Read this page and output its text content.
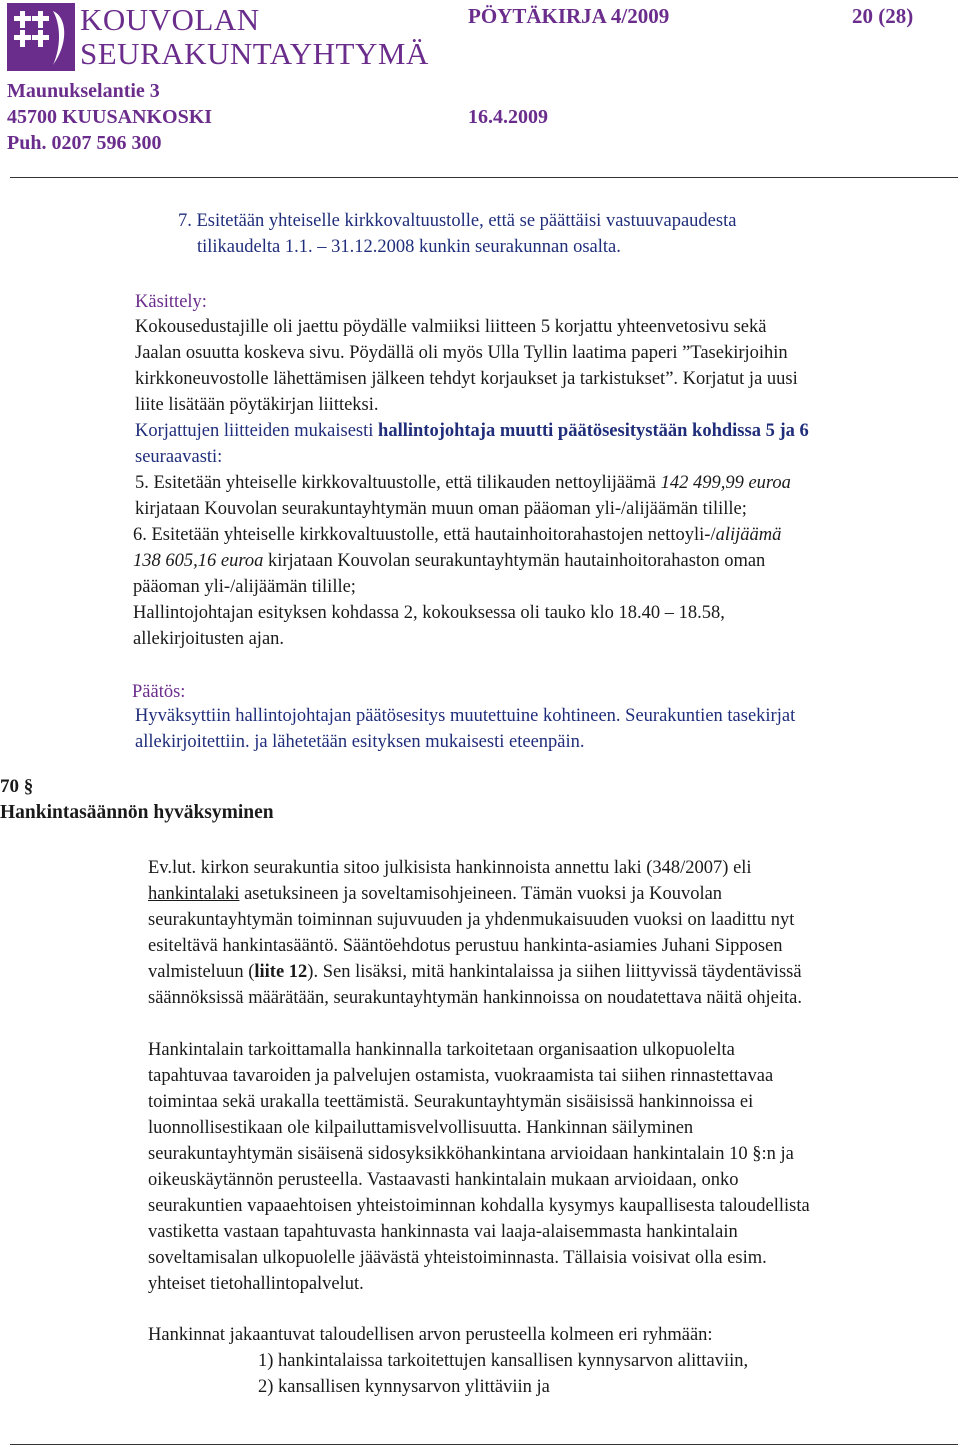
KOUVOLAN
SEURAKUNTAYHTYMÄ
PÖYTÄKIRJA 4/2009	20 (28)
Maunukselantie 3
45700 KUUSANKOSKI	16.4.2009
Puh. 0207 596 300
7. Esitetään yhteiselle kirkkovaltuustolle, että se päättäisi vastuuvapaudesta
tilikaudelta 1.1. – 31.12.2008 kunkin seurakunnan osalta.
Käsittely:
Kokousedustajille oli jaettu pöydälle valmiiksi liitteen 5 korjattu yhteenvetosivu sekä
Jaalan osuutta koskeva sivu. Pöydällä oli myös Ulla Tyllin laatima paperi ”Tasekirjoihin
kirkkoneuvostolle lähettämisen jälkeen tehdyt korjaukset ja tarkistukset”. Korjatut ja uusi
liite lisätään pöytäkirjan liitteksi.
Korjattujen liitteiden mukaisesti hallintojohtaja muutti päätösesitystään kohdissa 5 ja 6
seuraavasti:
5. Esitetään yhteiselle kirkkovaltuustolle, että tilikauden nettoylijäämä 142 499,99 euroa
kirjataan Kouvolan seurakuntayhtymän muun oman pääoman yli-/alijäämän tilille;
6. Esitetään yhteiselle kirkkovaltuustolle, että hautainhoitorahastojen nettoyli-/alijäämä
138 605,16 euroa kirjataan Kouvolan seurakuntayhtymän hautainhoitorahaston oman
pääoman yli-/alijäämän tilille;
Hallintojohtajan esityksen kohdassa 2, kokouksessa oli tauko klo 18.40 – 18.58,
allekirjoitusten ajan.
Päätös:
Hyväksyttiin hallintojohtajan päätösesitys muutettuine kohtineen. Seurakuntien tasekirjat
allekirjoitettiin. ja lähetetään esityksen mukaisesti eteenpäin.
70 §
Hankintasäännön hyväksyminen
Ev.lut. kirkon seurakuntia sitoo julkisista hankinnoista annettu laki (348/2007) eli
hankintalaki asetuksineen ja soveltamisohjeineen. Tämän vuoksi ja Kouvolan
seurakuntayhtymän toiminnan sujuvuuden ja yhdenmukaisuuden vuoksi on laadittu nyt
esiteltävä hankintasääntö. Sääntöehdotus perustuu hankinta-asiamies Juhani Sipposen
valmisteluun (liite 12). Sen lisäksi, mitä hankintalaissa ja siihen liittyvissä täydentävissä
säännöksissä määrätään, seurakuntayhtymän hankinnoissa on noudatettava näitä ohjeita.
Hankintalain tarkoittamalla hankinnalla tarkoitetaan organisaation ulkopuolelta
tapahtuvaa tavaroiden ja palvelujen ostamista, vuokraamista tai siihen rinnastettavaa
toimintaa sekä urakalla teettämistä. Seurakuntayhtymän sisäisissä hankinnoissa ei
luonnollisestikaan ole kilpailuttamisvelvollisuutta. Hankinnan säilyminen
seurakuntayhtymän sisäisenä sidosyksikköhankintana arvioidaan hankintalain 10 §:n ja
oikeuskäytännön perusteella. Vastaavasti hankintalain mukaan arvioidaan, onko
seurakuntien vapaaehtoisen yhteistoiminnan kohdalla kysymys kaupallisesta taloudellista
vastiketta vastaan tapahtuvasta hankinnasta vai laaja-alaisemmasta hankintalain
soveltamisalan ulkopuolelle jäävästä yhteistoiminnasta. Tällaisia voisivat olla esim.
yhteiset tietohallintopalvelut.
Hankinnat jakaantuvat taloudellisen arvon perusteella kolmeen eri ryhmään:
1) hankintalaissa tarkoitettujen kansallisen kynnysarvon alittaviin,
2) kansallisen kynnysarvon ylittäviin ja
